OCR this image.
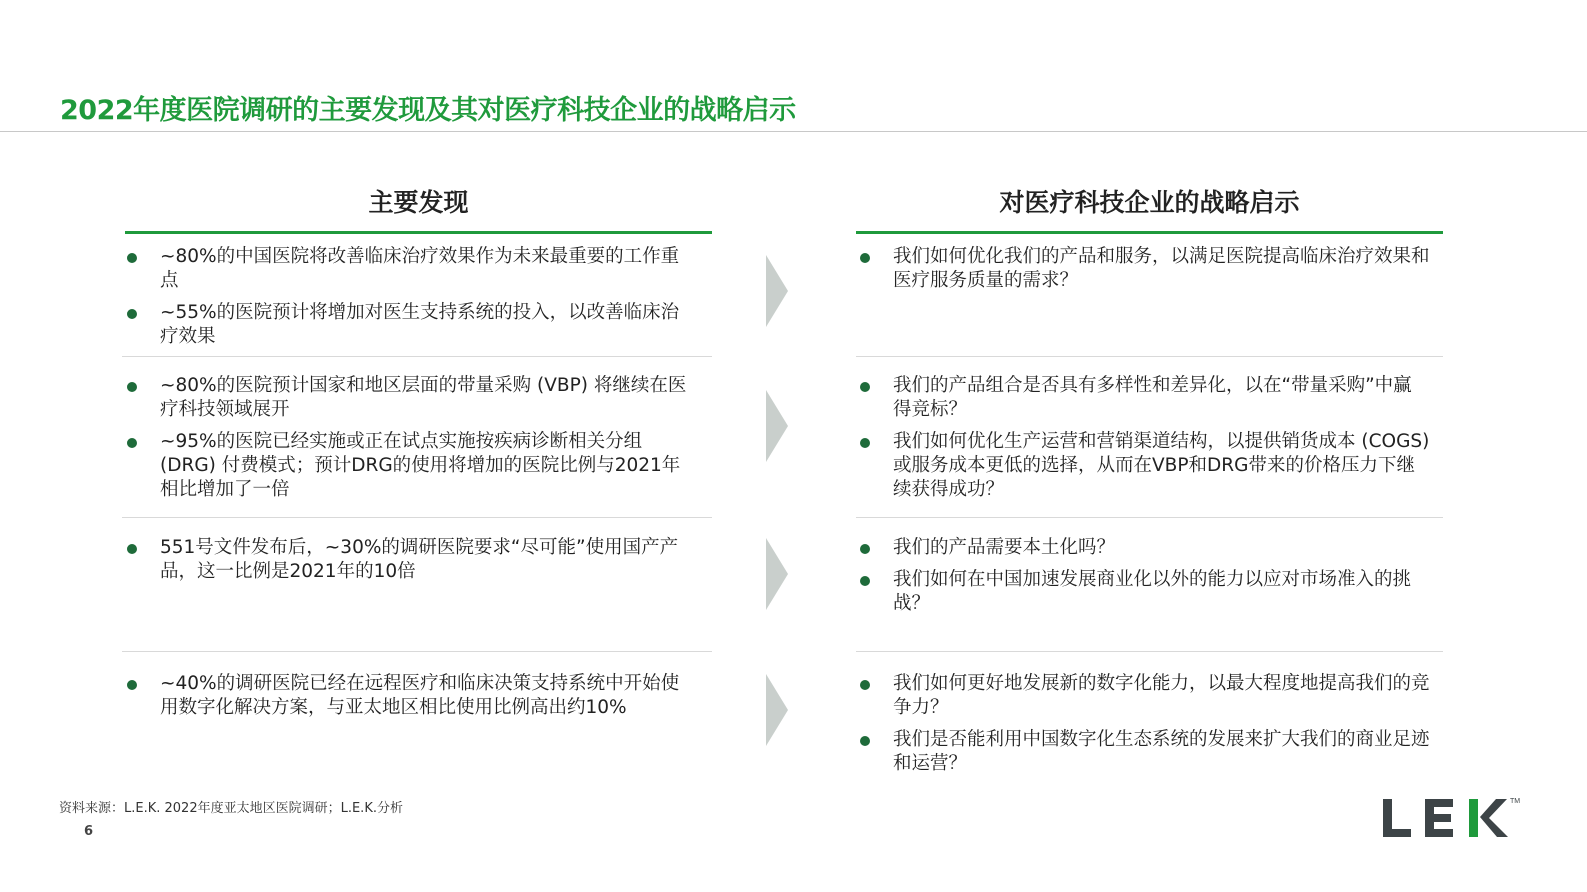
2022年度医院调研的主要发现及其对医疗科技企业的战略启示
主要发现	对医疗科技企业的战略启示
~80%的中国医院将改善临床治疗效果作为未来最重要的工作重点
~55%的医院预计将增加对医生支持系统的投入，以改善临床治疗效果
我们如何优化我们的产品和服务，以满足医院提高临床治疗效果和医疗服务质量的需求？
~80%的医院预计国家和地区层面的带量采购 (VBP) 将继续在医疗科技领域展开
~95%的医院已经实施或正在试点实施按疾病诊断相关分组 (DRG) 付费模式；预计DRG的使用将增加的医院比例与2021年相比增加了一倍
我们的产品组合是否具有多样性和差异化，以在“带量采购”中赢得竞标？
我们如何优化生产运营和营销渠道结构，以提供销货成本 (COGS) 或服务成本更低的选择，从而在VBP和DRG带来的价格压力下继续获得成功？
551号文件发布后，~30%的调研医院要求“尽可能”使用国产产品，这一比例是2021年的10倍
我们的产品需要本土化吗？
我们如何在中国加速发展商业化以外的能力以应对市场准入的挑战？
~40%的调研医院已经在远程医疗和临床决策支持系统中开始使用数字化解决方案，与亚太地区相比使用比例高出约10%
我们如何更好地发展新的数字化能力，以最大程度地提高我们的竞争力？
我们是否能利用中国数字化生态系统的发展来扩大我们的商业足迹和运营？
资料来源：L.E.K. 2022年度亚太地区医院调研；L.E.K.分析
6
TM
